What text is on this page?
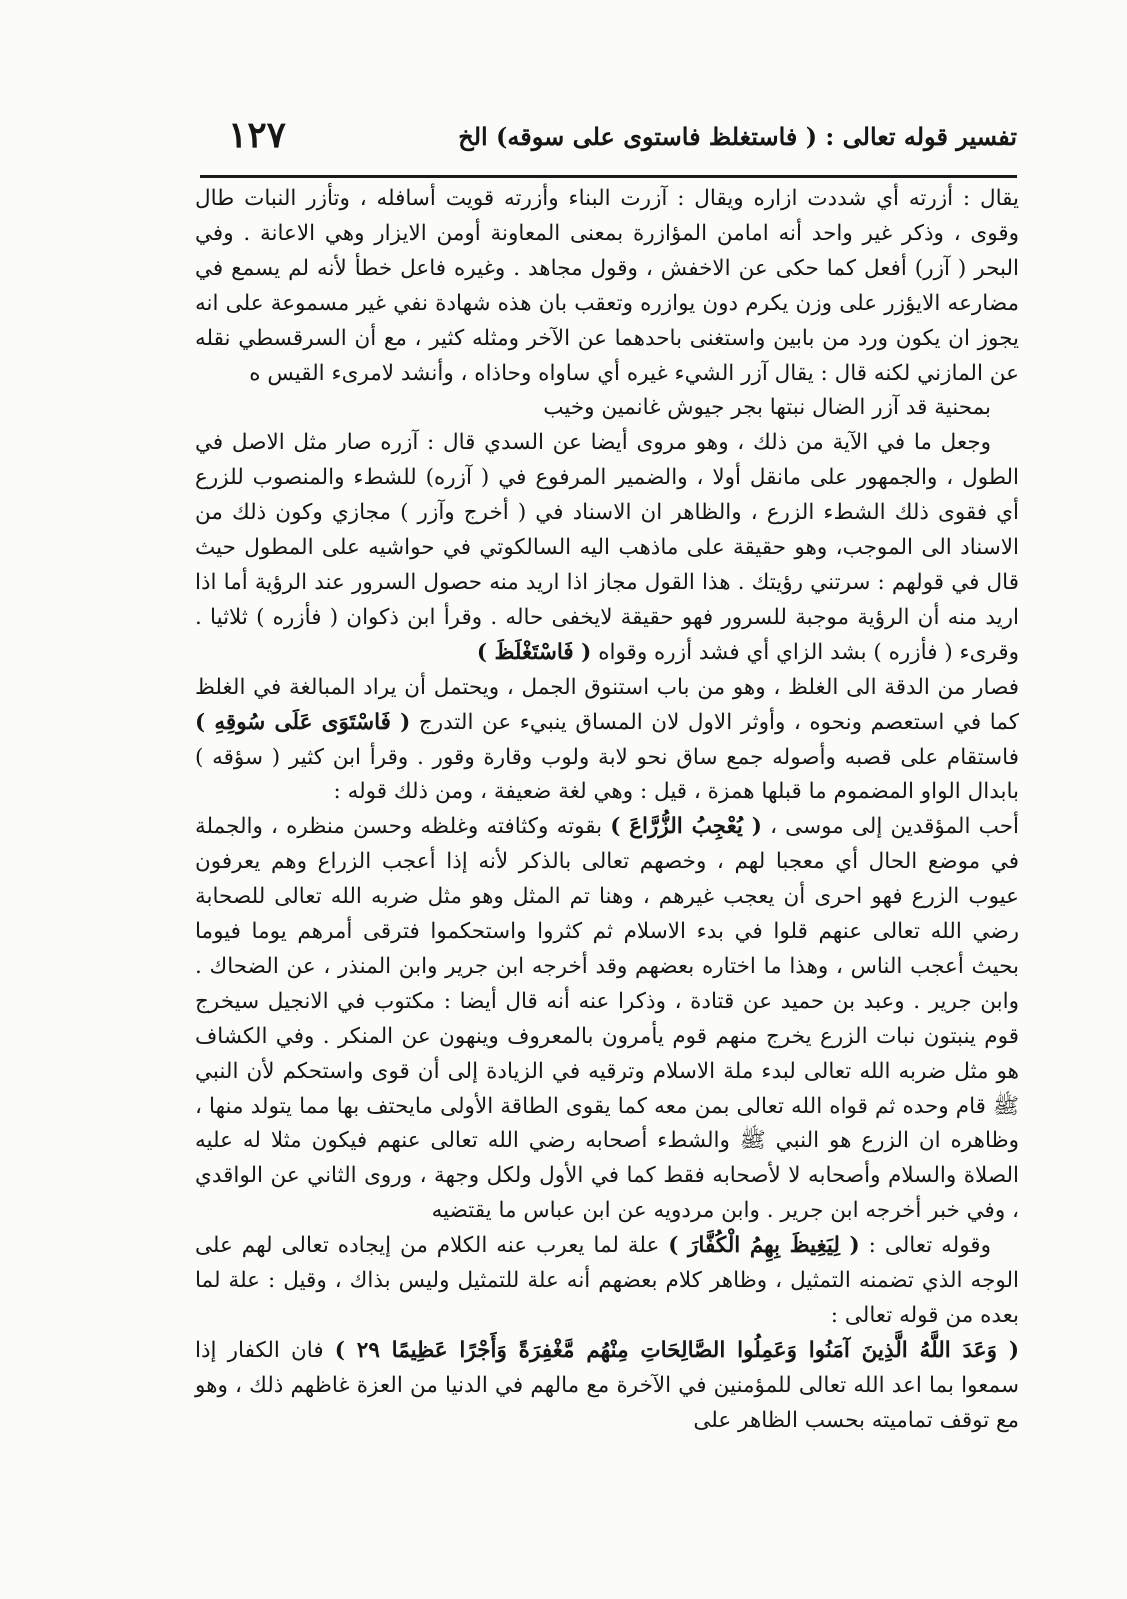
تفسير قوله تعالى : ( فاستغلظ فاستوى على سوقه) الخ
١٢٧

يقال : أزرته أي شددت ازاره ويقال : آزرت البناء وأزرته قويت أسافله ، وتأزر النبات طال وقوى ، وذكر غير واحد أنه امامن المؤازرة بمعنى المعاونة أومن الايزار وهي الاعانة . وفي البحر ( آزر) أفعل كما حكى عن الاخفش ، وقول مجاهد . وغيره فاعل خطأ لأنه لم يسمع في مضارعه الايؤزر على وزن يكرم دون يوازره وتعقب بان هذه شهادة نفي غير مسموعة على انه يجوز ان يكون ورد من بابين واستغنى باحدهما عن الآخر ومثله كثير ، مع أن السرقسطي نقله عن المازني لكنه قال : يقال آزر الشيء غيره أي ساواه وحاذاه ، وأنشد لامرىء القيس ه

بمحنية قد آزر الضال نبتها بجر جيوش غانمين وخيب

وجعل ما في الآية من ذلك ، وهو مروى أيضا عن السدي قال : آزره صار مثل الاصل في الطول ، والجمهور على مانقل أولا ، والضمير المرفوع في ( آزره) للشطء والمنصوب للزرع أي فقوى ذلك الشطء الزرع ، والظاهر ان الاسناد في ( أخرج وآزر ) مجازي وكون ذلك من الاسناد الى الموجب، وهو حقيقة على ماذهب اليه السالكوتي في حواشيه على المطول حيث قال في قولهم : سرتني رؤيتك . هذا القول مجاز اذا اريد منه حصول السرور عند الرؤية أما اذا اريد منه أن الرؤية موجبة للسرور فهو حقيقة لايخفى حاله . وقرأ ابن ذكوان ( فأزره ) ثلاثيا . وقرىء ( فأزره ) بشد الزاي أي فشد أزره وقواه ( فَاسْتَغْلَظَ )

فصار من الدقة الى الغلظ ، وهو من باب استنوق الجمل ، ويحتمل أن يراد المبالغة في الغلظ كما في استعصم ونحوه ، وأوثر الاول لان المساق ينبيء عن التدرج ( فَاسْتَوَى عَلَى سُوقِهِ ) فاستقام على قصبه وأصوله جمع ساق نحو لابة ولوب وقارة وقور . وقرأ ابن كثير ( سؤقه ) بابدال الواو المضموم ما قبلها همزة ، قيل : وهي لغة ضعيفة ، ومن ذلك قوله :

أحب المؤقدين إلى موسى ، ( يُعْجِبُ الزُّرَّاعَ ) بقوته وكثافته وغلظه وحسن منظره ، والجملة في موضع الحال أي معجبا لهم ، وخصهم تعالى بالذكر لأنه إذا أعجب الزراع وهم يعرفون عيوب الزرع فهو احرى أن يعجب غيرهم ، وهنا تم المثل وهو مثل ضربه الله تعالى للصحابة رضي الله تعالى عنهم قلوا في بدء الاسلام ثم كثروا واستحكموا فترقى أمرهم يوما فيوما بحيث أعجب الناس ، وهذا ما اختاره بعضهم وقد أخرجه ابن جرير وابن المنذر ، عن الضحاك . وابن جرير . وعبد بن حميد عن قتادة ، وذكرا عنه أنه قال أيضا : مكتوب في الانجيل سيخرج قوم ينبتون نبات الزرع يخرج منهم قوم يأمرون بالمعروف وينهون عن المنكر . وفي الكشاف هو مثل ضربه الله تعالى لبدء ملة الاسلام وترقيه في الزيادة إلى أن قوى واستحكم لأن النبي ﷺ قام وحده ثم قواه الله تعالى بمن معه كما يقوى الطاقة الأولى مايحتف بها مما يتولد منها ، وظاهره ان الزرع هو النبي ﷺ والشطء أصحابه رضي الله تعالى عنهم فيكون مثلا له عليه الصلاة والسلام وأصحابه لا لأصحابه فقط كما في الأول ولكل وجهة ، وروى الثاني عن الواقدي ، وفي خبر أخرجه ابن جرير . وابن مردويه عن ابن عباس ما يقتضيه

وقوله تعالى : ( لِيَغِيظَ بِهِمُ الْكُفَّارَ ) علة لما يعرب عنه الكلام من إيجاده تعالى لهم على الوجه الذي تضمنه التمثيل ، وظاهر كلام بعضهم أنه علة للتمثيل وليس بذاك ، وقيل : علة لما بعده من قوله تعالى :

( وَعَدَ اللَّهُ الَّذِينَ آمَنُوا وَعَمِلُوا الصَّالِحَاتِ مِنْهُم مَّغْفِرَةً وَأَجْرًا عَظِيمًا ٢٩ ) فان الكفار إذا سمعوا بما اعد الله تعالى للمؤمنين في الآخرة مع مالهم في الدنيا من العزة غاظهم ذلك ، وهو مع توقف تماميته بحسب الظاهر على
